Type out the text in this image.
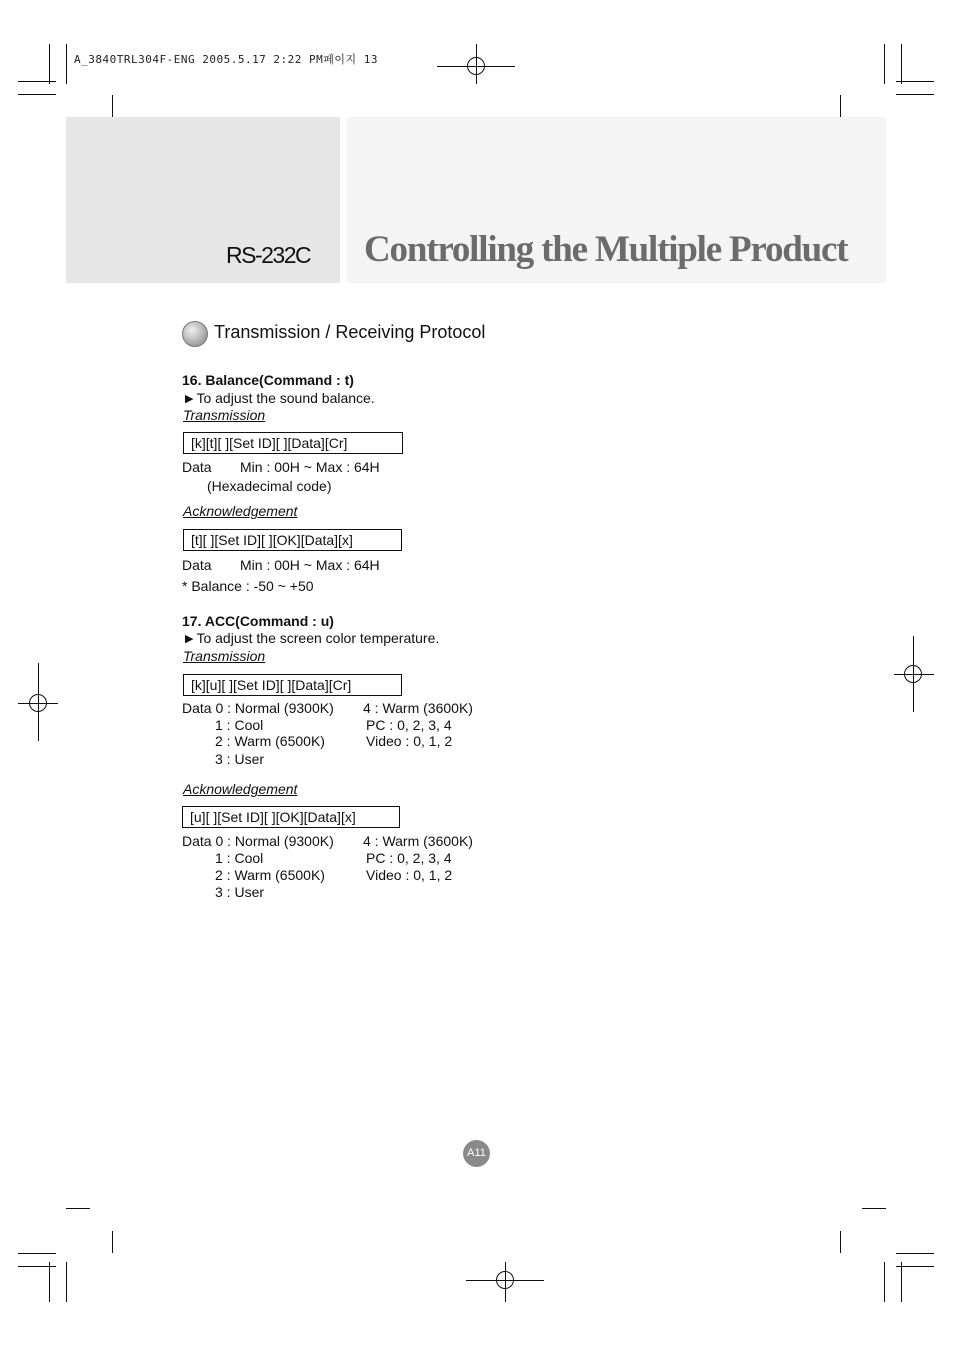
A_3840TRL304F-ENG 2005.5.17 2:22 PM페이지 13
RS-232C Controlling the Multiple Product
Transmission / Receiving Protocol
16. Balance(Command : t)
▶ To adjust the sound balance.
Transmission
[k][t][ ][Set ID][ ][Data][Cr]
Data Min : 00H ~ Max : 64H
(Hexadecimal code)
Acknowledgement
[t][ ][Set ID][ ][OK][Data][x]
Data Min : 00H ~ Max : 64H
* Balance : -50 ~ +50
17. ACC(Command : u)
▶ To adjust the screen color temperature.
Transmission
[k][u][ ][Set ID][ ][Data][Cr]
Data 0 : Normal (9300K)
1 : Cool
2 : Warm (6500K)
3 : User
4 : Warm (3600K)
PC : 0, 2, 3, 4
Video : 0, 1, 2
Acknowledgement
[u][ ][Set ID][ ][OK][Data][x]
Data 0 : Normal (9300K)
1 : Cool
2 : Warm (6500K)
3 : User
4 : Warm (3600K)
PC : 0, 2, 3, 4
Video : 0, 1, 2
A11
